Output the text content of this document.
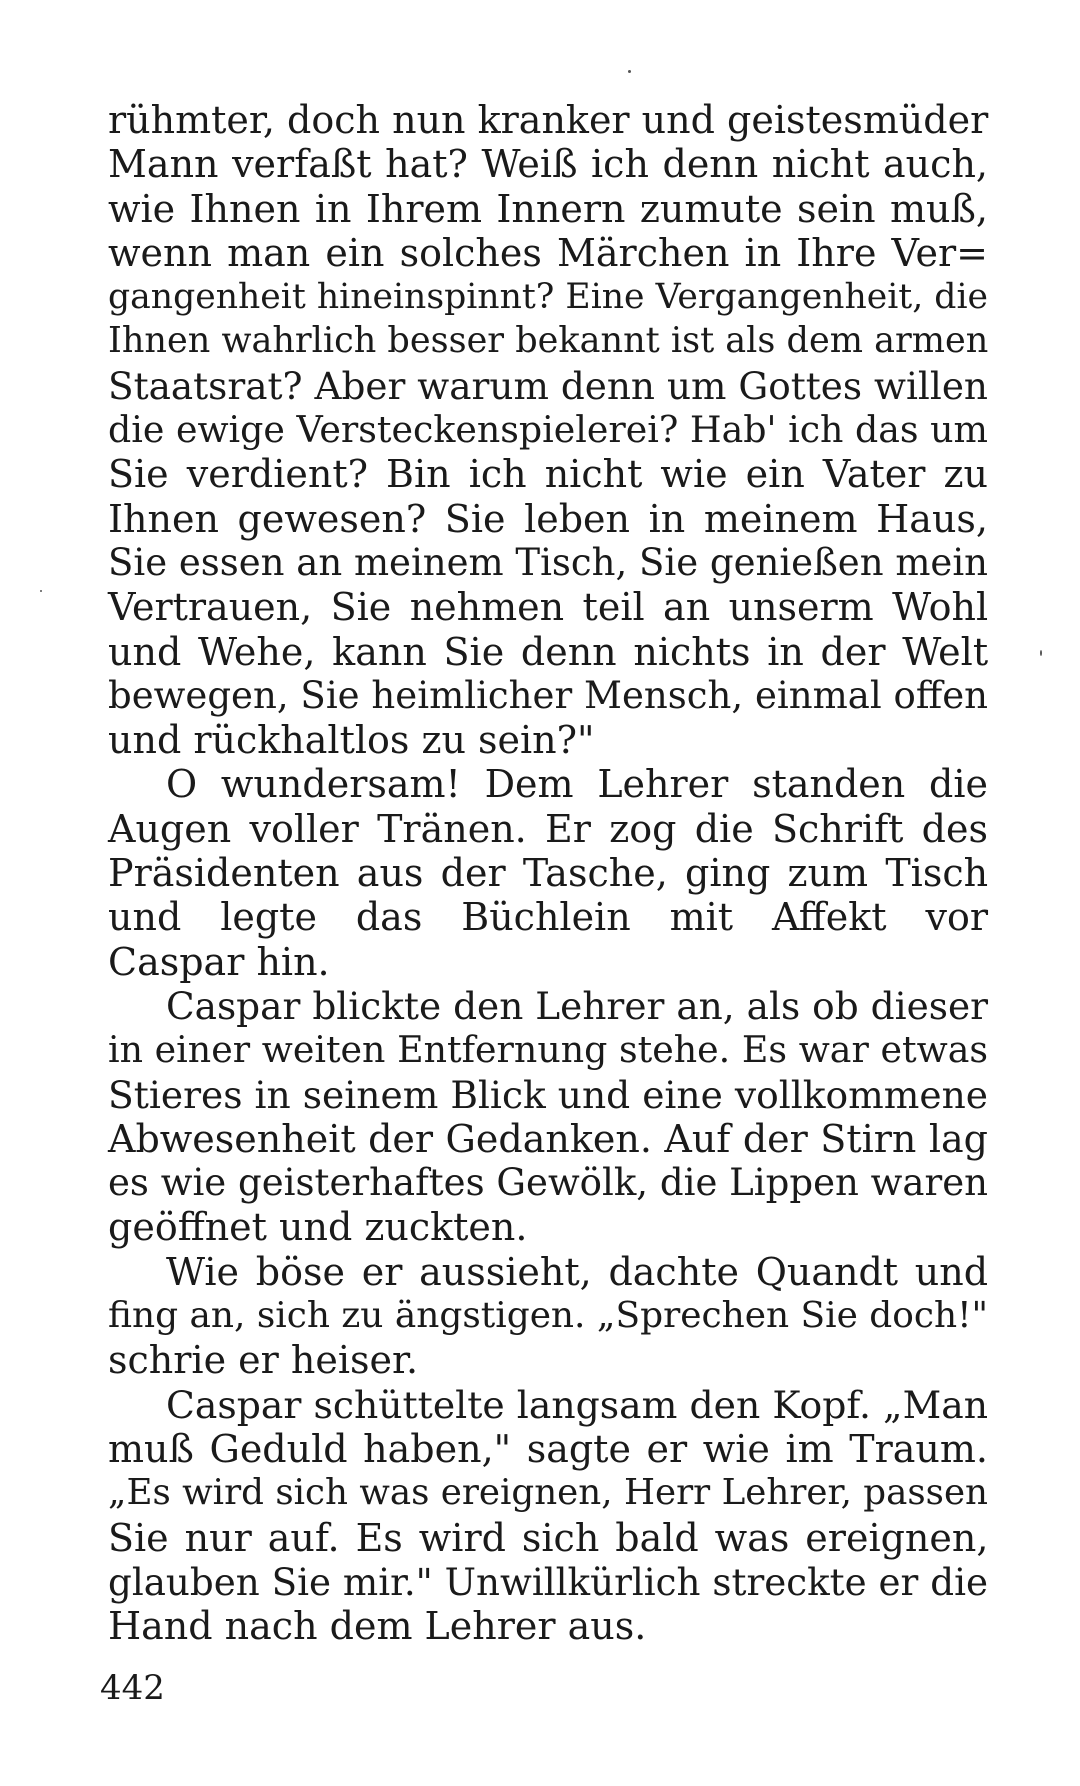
rühmter, doch nun kranker und geistesmüder
Mann verfaßt hat? Weiß ich denn nicht auch,
wie Ihnen in Ihrem Innern zumute sein muß,
wenn man ein solches Märchen in Ihre Ver=
gangenheit hineinspinnt? Eine Vergangenheit, die
Ihnen wahrlich besser bekannt ist als dem armen
Staatsrat? Aber warum denn um Gottes willen
die ewige Versteckenspielerei? Hab' ich das um
Sie verdient? Bin ich nicht wie ein Vater zu
Ihnen gewesen? Sie leben in meinem Haus,
Sie essen an meinem Tisch, Sie genießen mein
Vertrauen, Sie nehmen teil an unserm Wohl
und Wehe, kann Sie denn nichts in der Welt
bewegen, Sie heimlicher Mensch, einmal offen
und rückhaltlos zu sein?"

O wundersam! Dem Lehrer standen die
Augen voller Tränen. Er zog die Schrift des
Präsidenten aus der Tasche, ging zum Tisch
und legte das Büchlein mit Affekt vor
Caspar hin.

Caspar blickte den Lehrer an, als ob dieser
in einer weiten Entfernung stehe. Es war etwas
Stieres in seinem Blick und eine vollkommene
Abwesenheit der Gedanken. Auf der Stirn lag
es wie geisterhaftes Gewölk, die Lippen waren
geöffnet und zuckten.

Wie böse er aussieht, dachte Quandt und
fing an, sich zu ängstigen. „Sprechen Sie doch!"
schrie er heiser.

Caspar schüttelte langsam den Kopf. „Man
muß Geduld haben," sagte er wie im Traum.
„Es wird sich was ereignen, Herr Lehrer, passen
Sie nur auf. Es wird sich bald was ereignen,
glauben Sie mir." Unwillkürlich streckte er die
Hand nach dem Lehrer aus.

442
